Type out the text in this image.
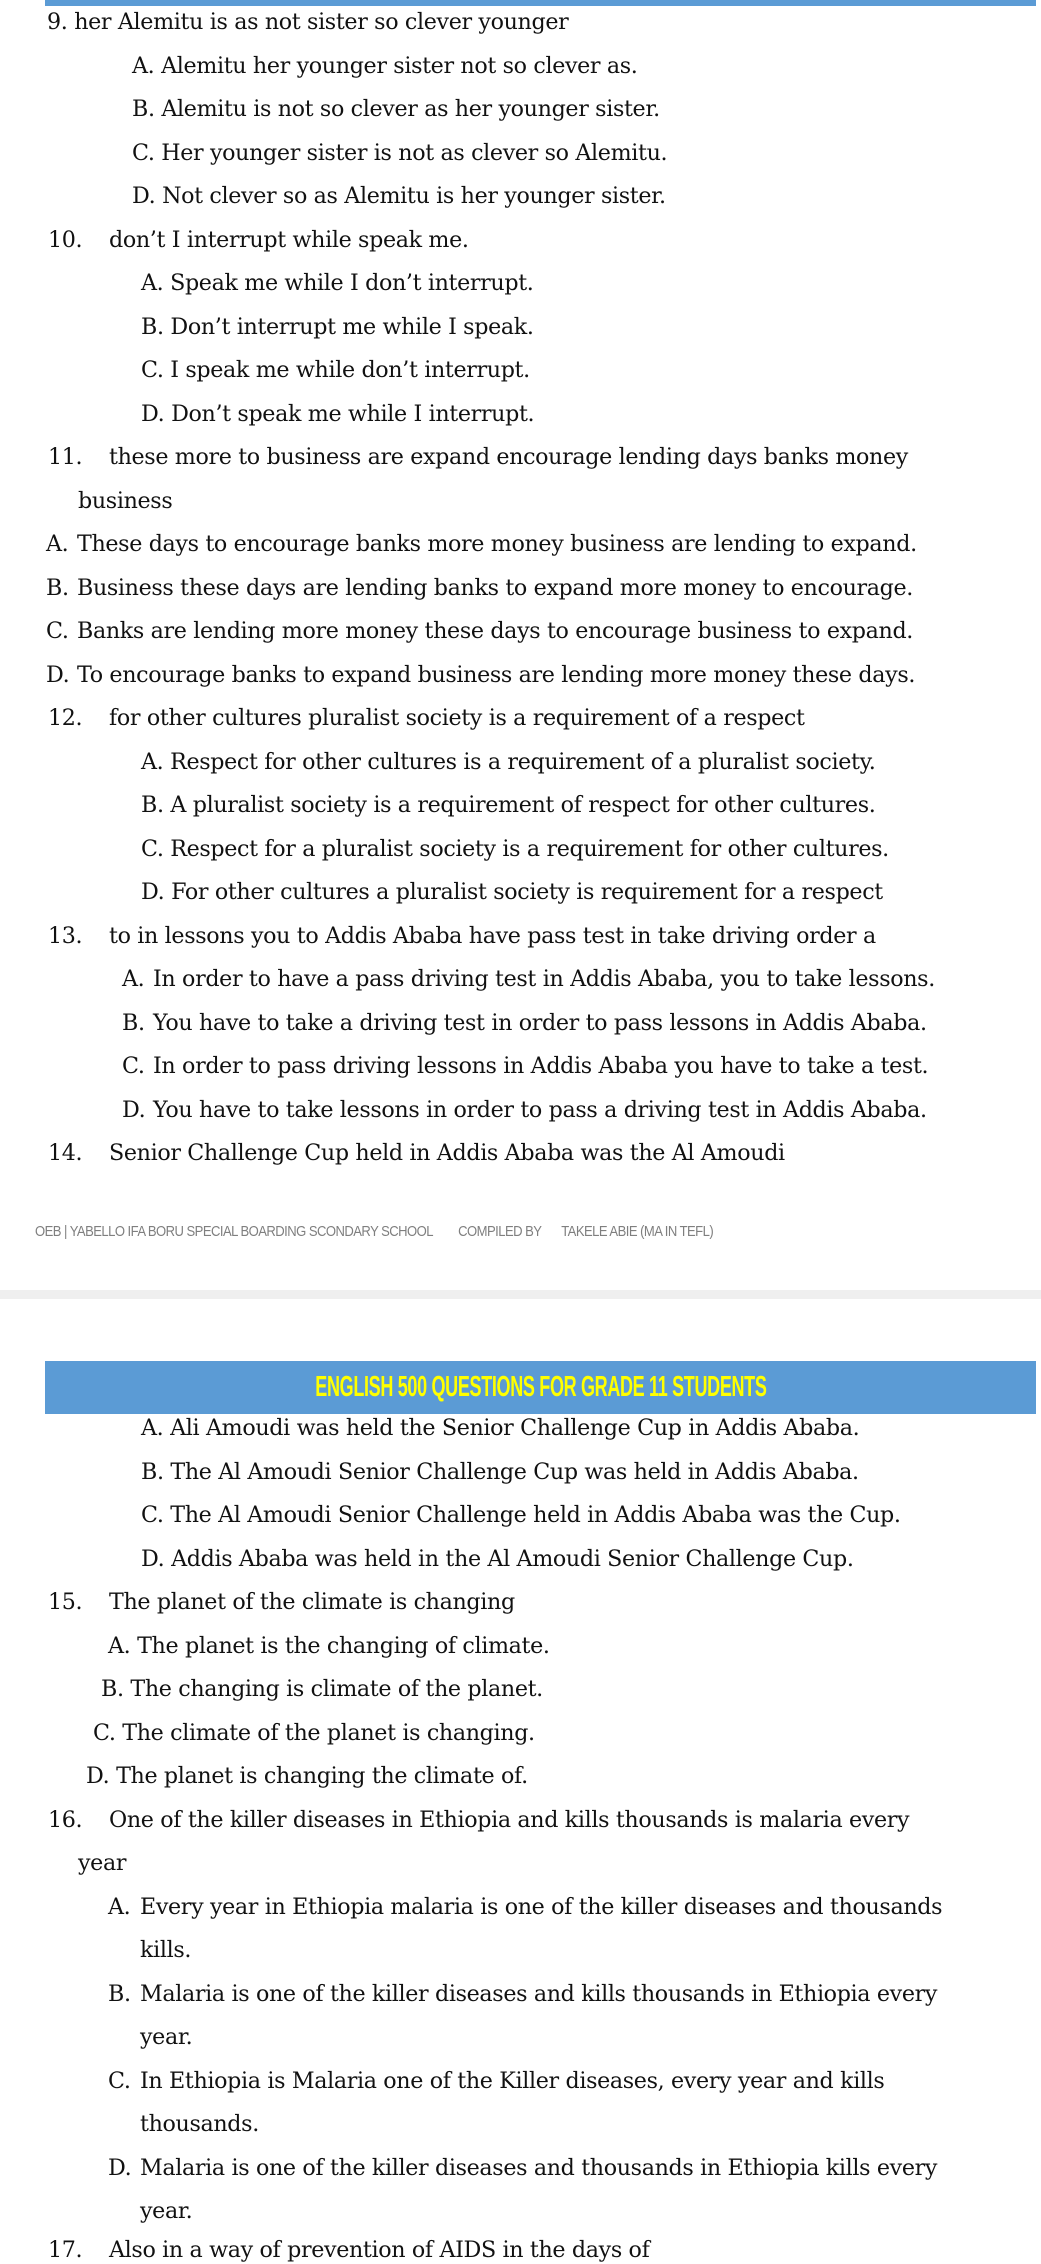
9. her Alemitu is as not sister so clever younger
A. Alemitu her younger sister not so clever as.
B. Alemitu is not so clever as her younger sister.
C. Her younger sister is not as clever so Alemitu.
D. Not clever so as Alemitu is her younger sister.
10. don’t I interrupt while speak me.
A. Speak me while I don’t interrupt.
B. Don’t interrupt me while I speak.
C. I speak me while don’t interrupt.
D. Don’t speak me while I interrupt.
11. these more to business are expand encourage lending days banks money
business
A. These days to encourage banks more money business are lending to expand.
B. Business these days are lending banks to expand more money to encourage.
C. Banks are lending more money these days to encourage business to expand.
D. To encourage banks to expand business are lending more money these days.
12. for other cultures pluralist society is a requirement of a respect
A. Respect for other cultures is a requirement of a pluralist society.
B. A pluralist society is a requirement of respect for other cultures.
C. Respect for a pluralist society is a requirement for other cultures.
D. For other cultures a pluralist society is requirement for a respect
13. to in lessons you to Addis Ababa have pass test in take driving order a
A. In order to have a pass driving test in Addis Ababa, you to take lessons.
B. You have to take a driving test in order to pass lessons in Addis Ababa.
C. In order to pass driving lessons in Addis Ababa you have to take a test.
D. You have to take lessons in order to pass a driving test in Addis Ababa.
14. Senior Challenge Cup held in Addis Ababa was the Al Amoudi
OEB | YABELLO IFA BORU SPECIAL BOARDING SCONDARY SCHOOL COMPILED BY TAKELE ABIE (MA IN TEFL)
ENGLISH 500 QUESTIONS FOR GRADE 11 STUDENTS
A. Ali Amoudi was held the Senior Challenge Cup in Addis Ababa.
B. The Al Amoudi Senior Challenge Cup was held in Addis Ababa.
C. The Al Amoudi Senior Challenge held in Addis Ababa was the Cup.
D. Addis Ababa was held in the Al Amoudi Senior Challenge Cup.
15. The planet of the climate is changing
A. The planet is the changing of climate.
B. The changing is climate of the planet.
C. The climate of the planet is changing.
D. The planet is changing the climate of.
16. One of the killer diseases in Ethiopia and kills thousands is malaria every
year
A. Every year in Ethiopia malaria is one of the killer diseases and thousands
kills.
B. Malaria is one of the killer diseases and kills thousands in Ethiopia every
year.
C. In Ethiopia is Malaria one of the Killer diseases, every year and kills
thousands.
D. Malaria is one of the killer diseases and thousands in Ethiopia kills every
year.
17. Also in a way of prevention of AIDS in the days of
